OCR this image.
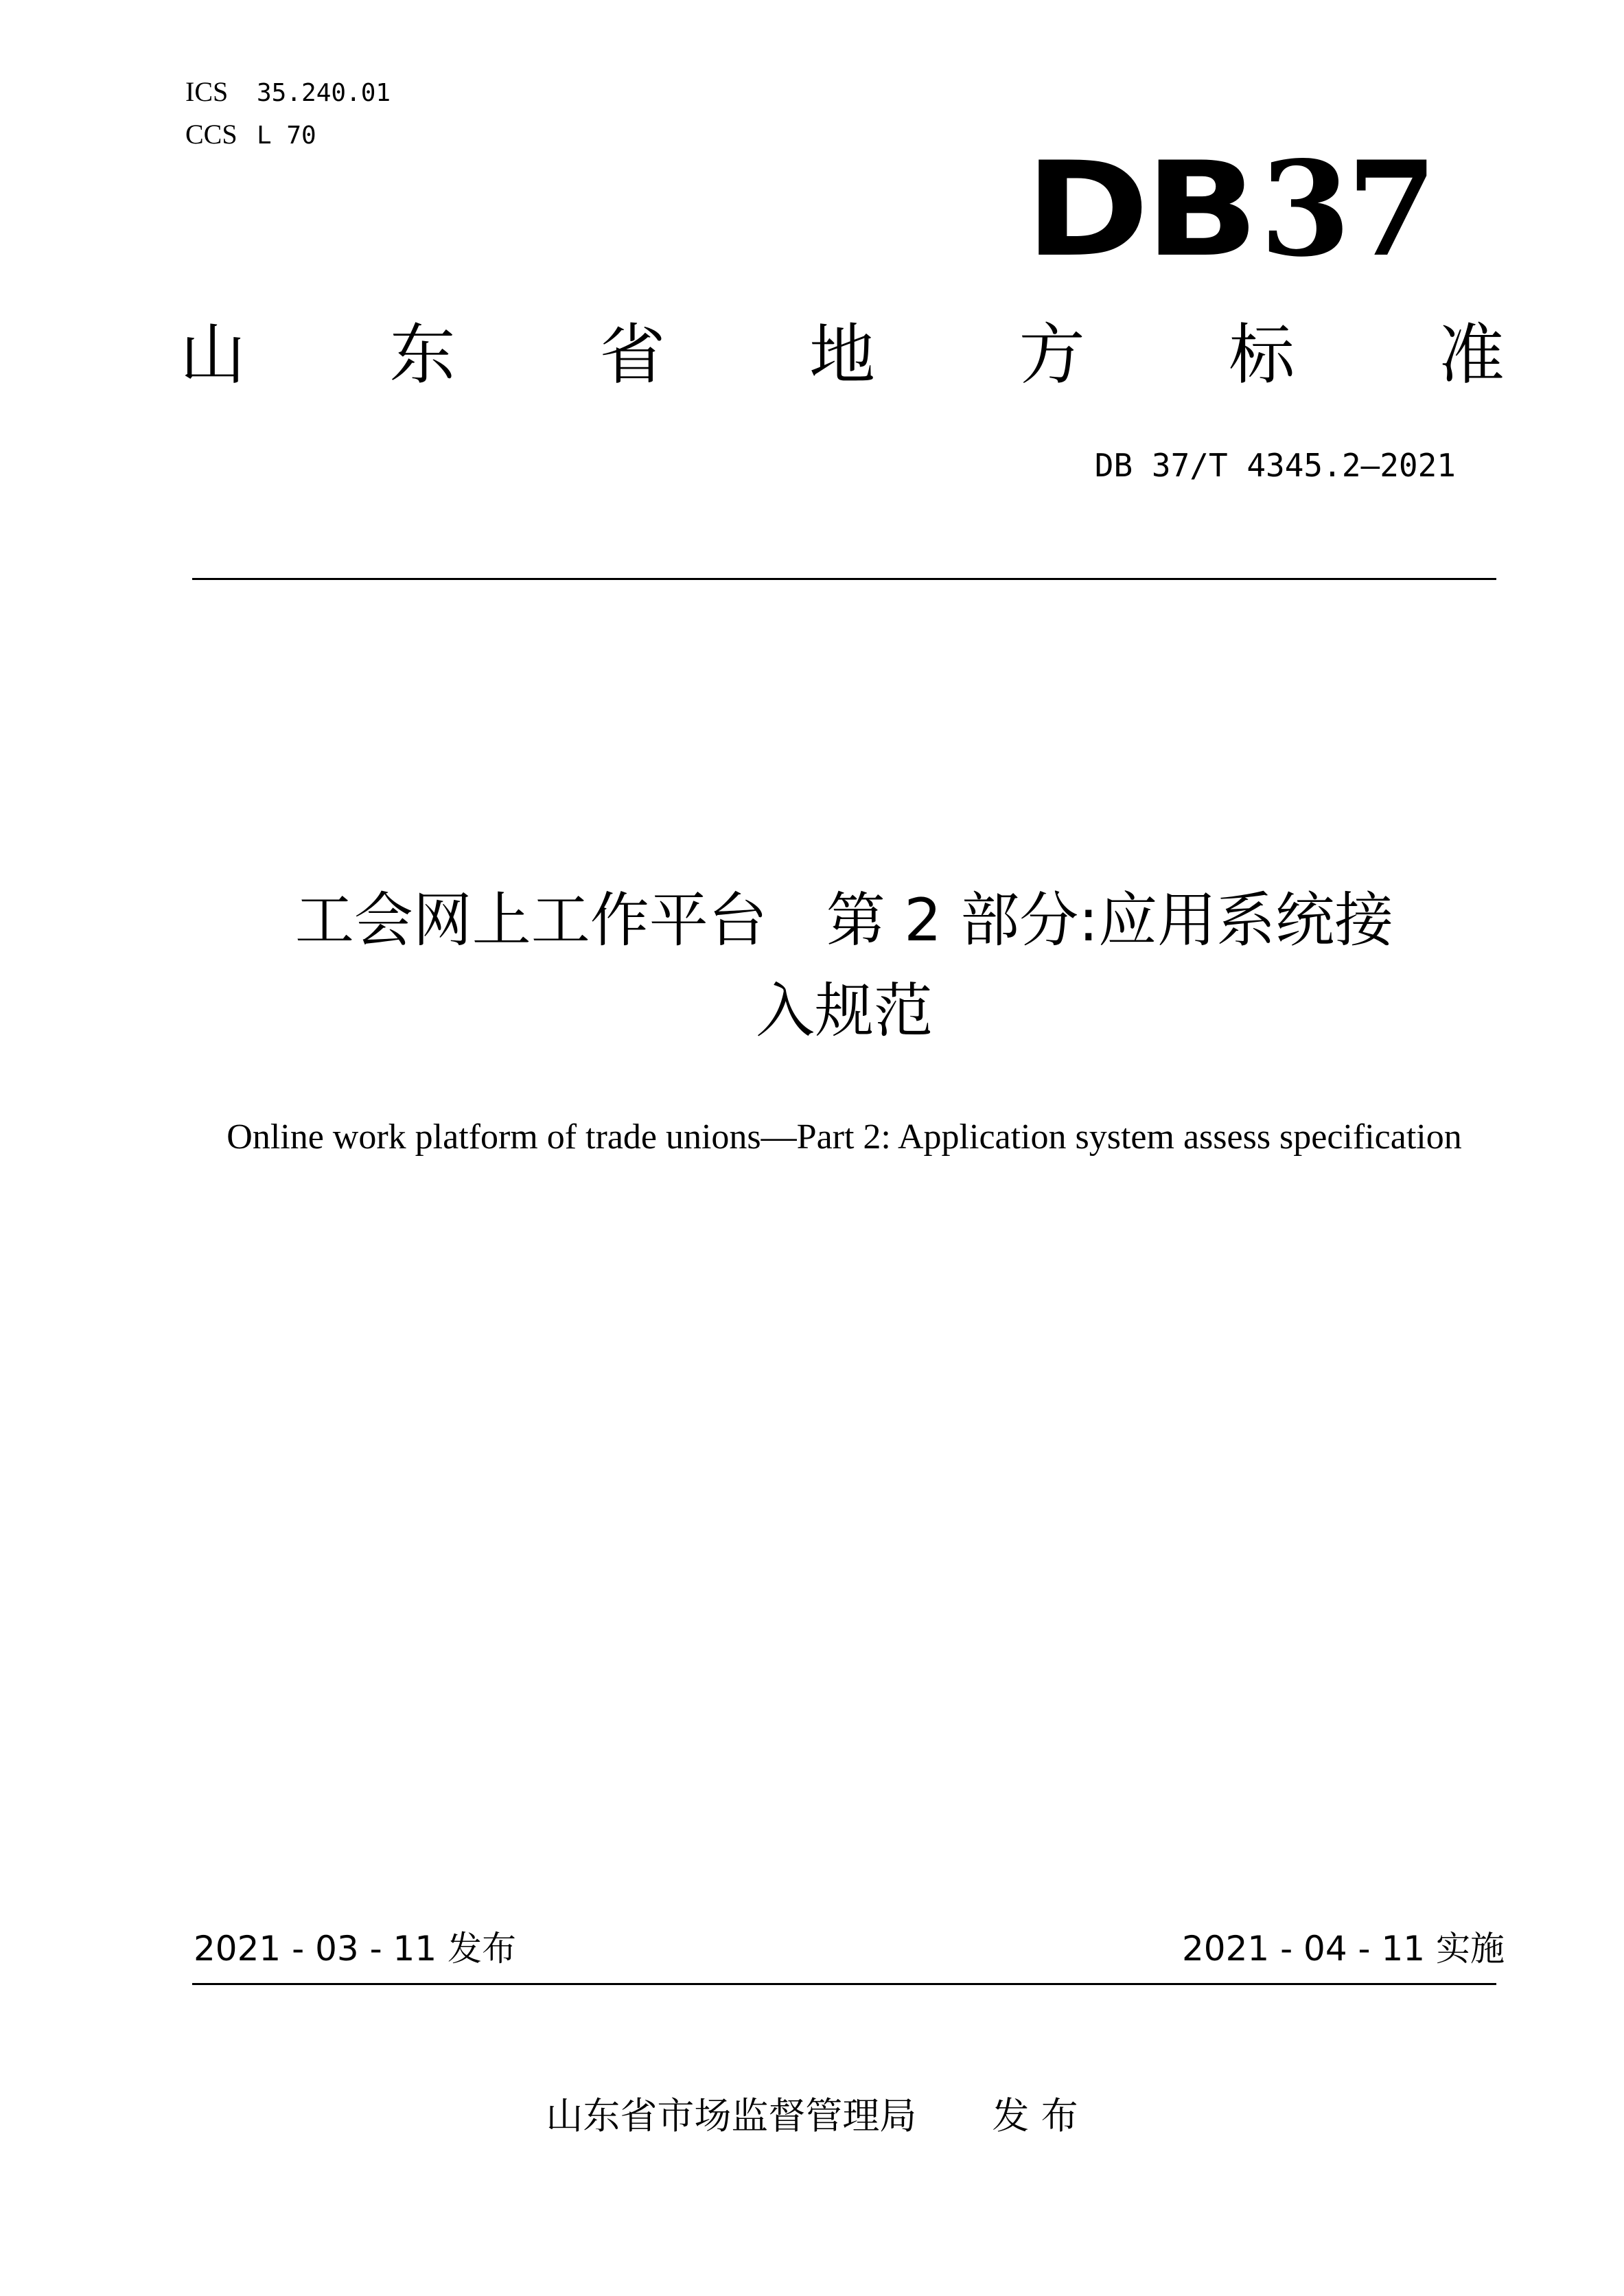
ICS 35.240.01
CCS L 70	DB37
山 东 省 地 方 标 准
DB 37/T 4345.2—2021
工会网上工作平台　第 2 部分:应用系统接
入规范
Online work platform of trade unions—Part 2: Application system assess specification
2021 - 03 - 11 发布	2021 - 04 - 11 实施
山东省市场监督管理局 发 布
